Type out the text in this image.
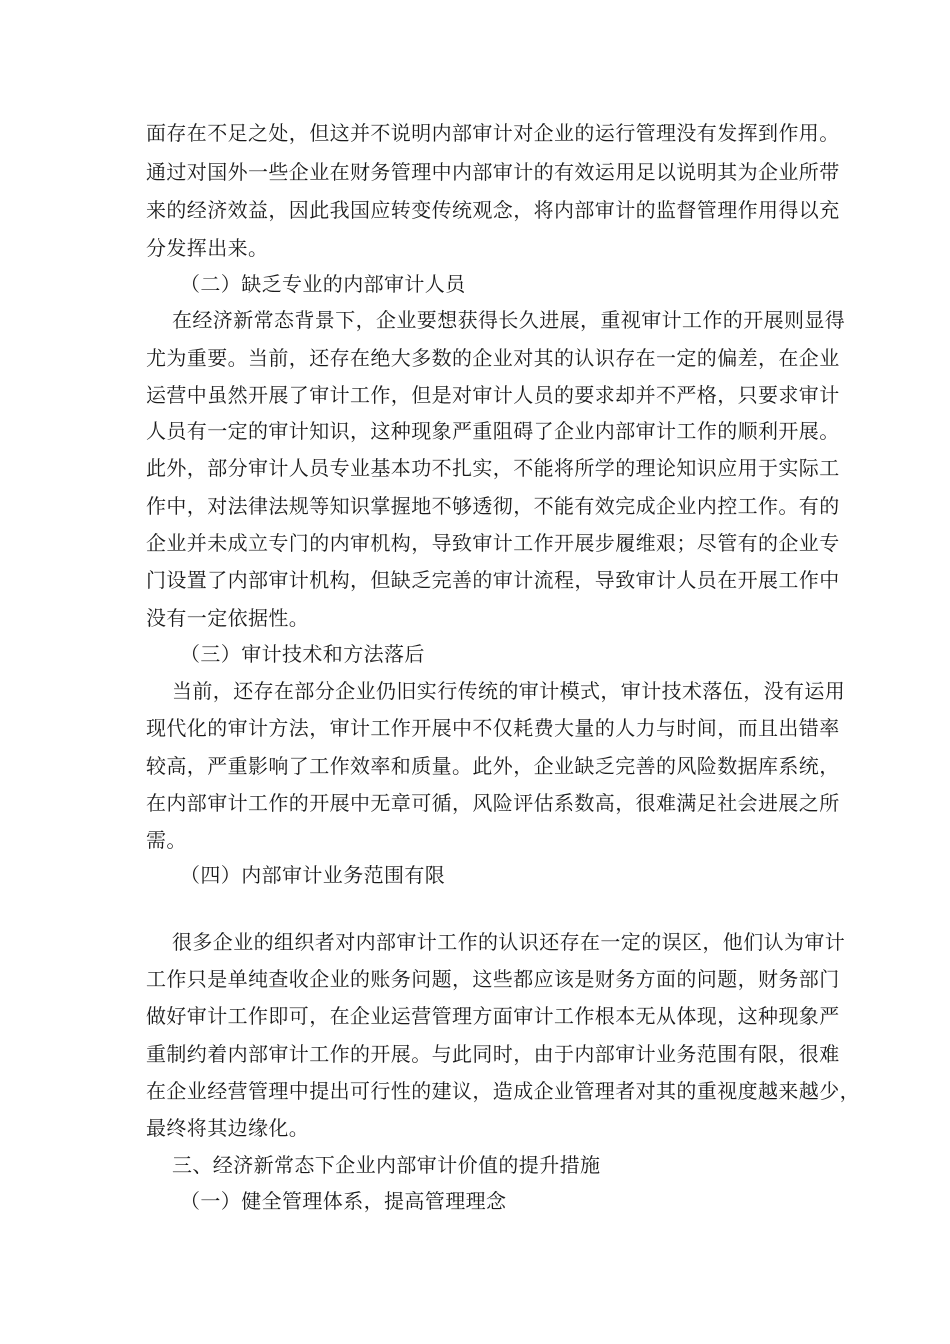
面存在不足之处，但这并不说明内部审计对企业的运行管理没有发挥到作用。
通过对国外一些企业在财务管理中内部审计的有效运用足以说明其为企业所带
来的经济效益，因此我国应转变传统观念，将内部审计的监督管理作用得以充
分发挥出来。
（二）缺乏专业的内部审计人员
在经济新常态背景下，企业要想获得长久进展，重视审计工作的开展则显得
尤为重要。当前，还存在绝大多数的企业对其的认识存在一定的偏差，在企业
运营中虽然开展了审计工作，但是对审计人员的要求却并不严格，只要求审计
人员有一定的审计知识，这种现象严重阻碍了企业内部审计工作的顺利开展。
此外，部分审计人员专业基本功不扎实，不能将所学的理论知识应用于实际工
作中，对法律法规等知识掌握地不够透彻，不能有效完成企业内控工作。有的
企业并未成立专门的内审机构，导致审计工作开展步履维艰；尽管有的企业专
门设置了内部审计机构，但缺乏完善的审计流程，导致审计人员在开展工作中
没有一定依据性。
（三）审计技术和方法落后
当前，还存在部分企业仍旧实行传统的审计模式，审计技术落伍，没有运用
现代化的审计方法，审计工作开展中不仅耗费大量的人力与时间，而且出错率
较高，严重影响了工作效率和质量。此外，企业缺乏完善的风险数据库系统，
在内部审计工作的开展中无章可循，风险评估系数高，很难满足社会进展之所
需。
（四）内部审计业务范围有限
很多企业的组织者对内部审计工作的认识还存在一定的误区，他们认为审计
工作只是单纯查收企业的账务问题，这些都应该是财务方面的问题，财务部门
做好审计工作即可，在企业运营管理方面审计工作根本无从体现，这种现象严
重制约着内部审计工作的开展。与此同时，由于内部审计业务范围有限，很难
在企业经营管理中提出可行性的建议，造成企业管理者对其的重视度越来越少，
最终将其边缘化。
三、经济新常态下企业内部审计价值的提升措施
（一）健全管理体系，提高管理理念
